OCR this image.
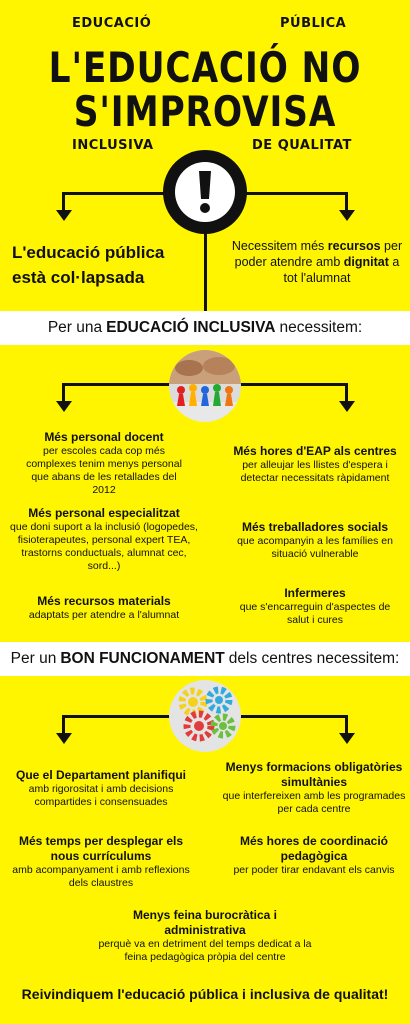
EDUCACIÓ	PÚBLICA
L'EDUCACIÓ NO
S'IMPROVISA
INCLUSIVA	DE QUALITAT
L'educació pública
està col·lapsada
Necessitem més recursos per poder atendre amb dignitat a tot l'alumnat
Per una EDUCACIÓ INCLUSIVA necessitem:
Més personal docent
per escoles cada cop més complexes tenim menys personal que abans de les retallades del 2012
Més personal especialitzat
que doni suport a la inclusió (logopedes, fisioterapeutes, personal expert TEA, trastorns conductuals, alumnat cec, sord...)
Més recursos materials
adaptats per atendre a l'alumnat
Més hores d'EAP als centres
per alleujar les llistes d'espera i detectar necessitats ràpidament
Més treballadores socials
que acompanyin a les famílies en situació vulnerable
Infermeres
que s'encarreguin d'aspectes de salut i cures
Per un BON FUNCIONAMENT dels centres necessitem:
Que el Departament planifiqui
amb rigorositat i amb decisions compartides i consensuades
Més temps per desplegar els nous currículums
amb acompanyament i amb reflexions dels claustres
Menys formacions obligatòries simultànies
que interfereixen amb les programades per cada centre
Més hores de coordinació pedagògica
per poder tirar endavant els canvis
Menys feina burocràtica i administrativa
perquè va en detriment del temps dedicat a la feina pedagògica pròpia del centre
Reivindiquem l'educació pública i inclusiva de qualitat!
